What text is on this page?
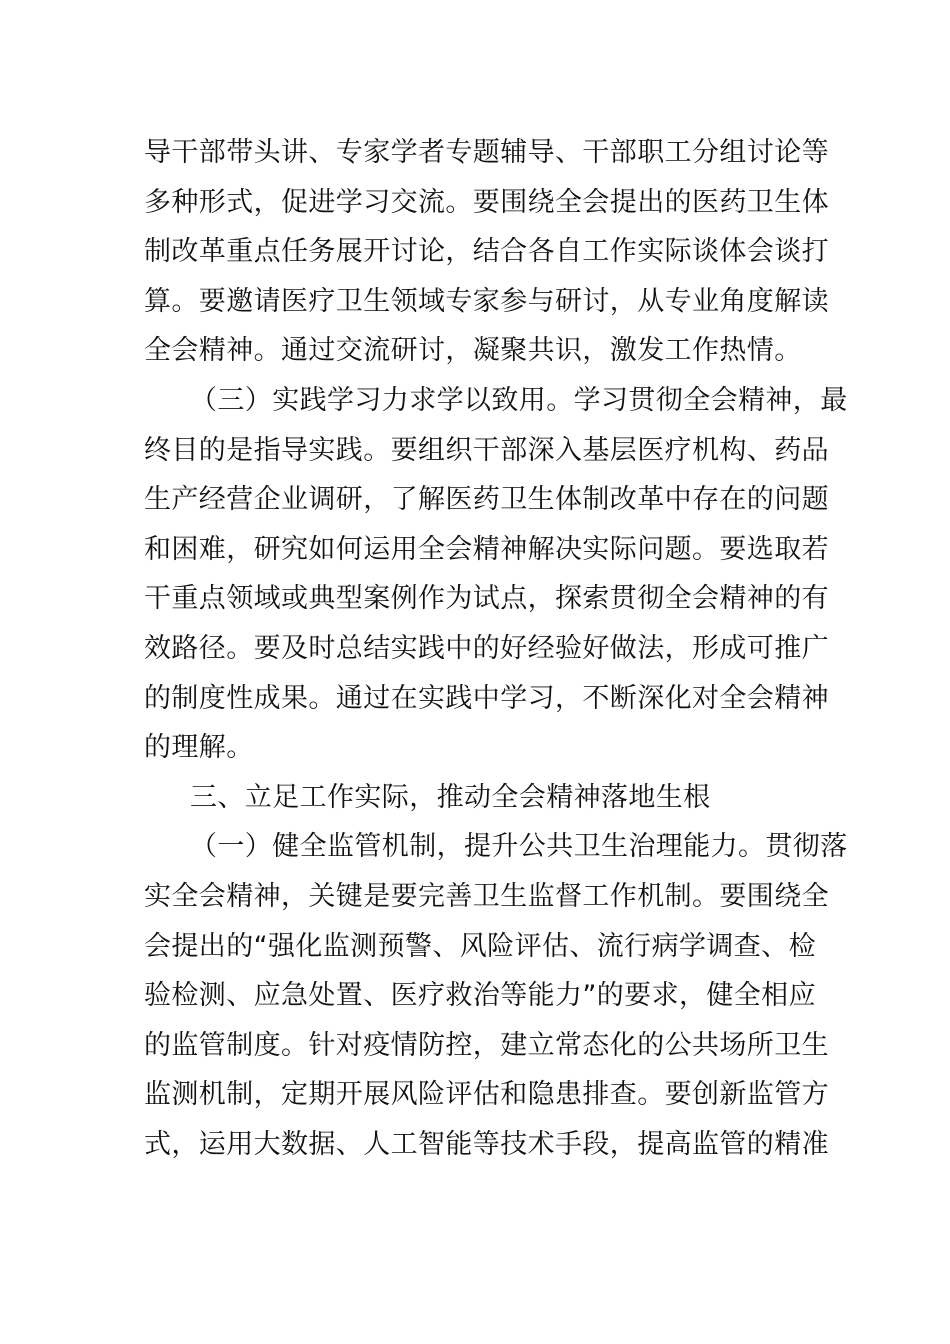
导干部带头讲、专家学者专题辅导、干部职工分组讨论等
多种形式，促进学习交流。要围绕全会提出的医药卫生体
制改革重点任务展开讨论，结合各自工作实际谈体会谈打
算。要邀请医疗卫生领域专家参与研讨，从专业角度解读
全会精神。通过交流研讨，凝聚共识，激发工作热情。
（三）实践学习力求学以致用。学习贯彻全会精神，最
终目的是指导实践。要组织干部深入基层医疗机构、药品
生产经营企业调研，了解医药卫生体制改革中存在的问题
和困难，研究如何运用全会精神解决实际问题。要选取若
干重点领域或典型案例作为试点，探索贯彻全会精神的有
效路径。要及时总结实践中的好经验好做法，形成可推广
的制度性成果。通过在实践中学习，不断深化对全会精神
的理解。
三、立足工作实际，推动全会精神落地生根
（一）健全监管机制，提升公共卫生治理能力。贯彻落
实全会精神，关键是要完善卫生监督工作机制。要围绕全
会提出的“强化监测预警、风险评估、流行病学调查、检
验检测、应急处置、医疗救治等能力”的要求，健全相应
的监管制度。针对疫情防控，建立常态化的公共场所卫生
监测机制，定期开展风险评估和隐患排查。要创新监管方
式，运用大数据、人工智能等技术手段，提高监管的精准
